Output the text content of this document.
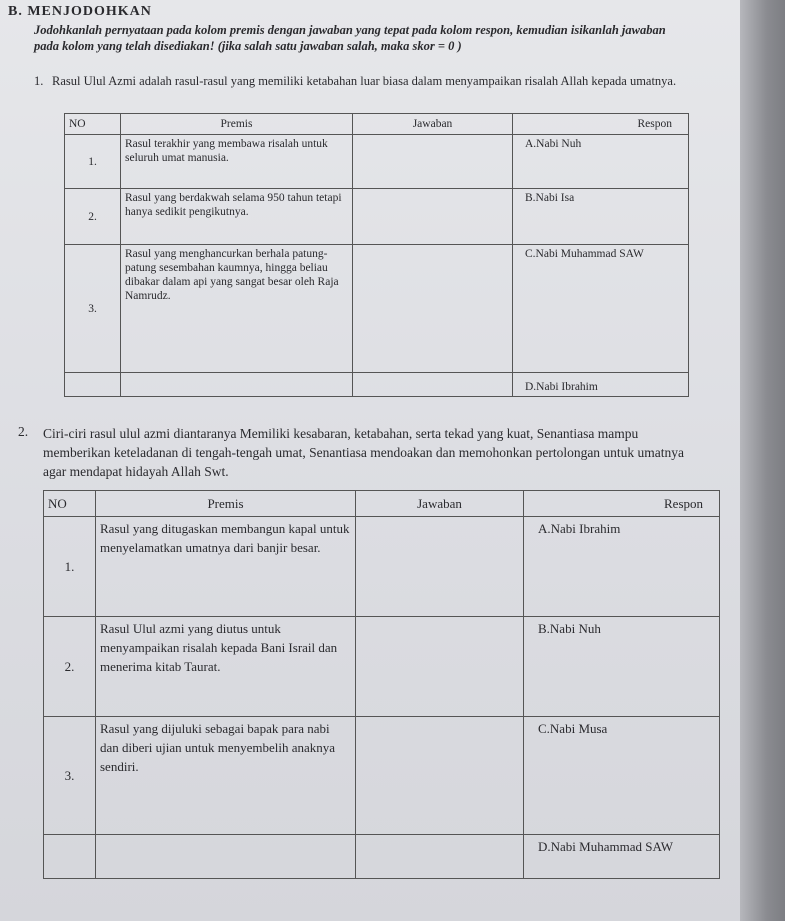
B. MENJODOHKAN
Jodohkanlah pernyataan pada kolom premis dengan jawaban yang tepat pada kolom respon, kemudian isikanlah jawaban pada kolom yang telah disediakan! (jika salah satu jawaban salah, maka skor = 0 )
1. Rasul Ulul Azmi adalah rasul-rasul yang memiliki ketabahan luar biasa dalam menyampaikan risalah Allah kepada umatnya.
NO	Premis	Jawaban	Respon
1.	Rasul terakhir yang membawa risalah untuk seluruh umat manusia.		A.Nabi Nuh
2.	Rasul yang berdakwah selama 950 tahun tetapi hanya sedikit pengikutnya.		B.Nabi Isa
3.	Rasul yang menghancurkan berhala patung-patung sesembahan kaumnya, hingga beliau dibakar dalam api yang sangat besar oleh Raja Namrudz.		C.Nabi Muhammad SAW
			D.Nabi Ibrahim
2. Ciri-ciri rasul ulul azmi diantaranya Memiliki kesabaran, ketabahan, serta tekad yang kuat, Senantiasa mampu memberikan keteladanan di tengah-tengah umat, Senantiasa mendoakan dan memohonkan pertolongan untuk umatnya agar mendapat hidayah Allah Swt.
NO	Premis	Jawaban	Respon
1.	Rasul yang ditugaskan membangun kapal untuk menyelamatkan umatnya dari banjir besar.		A.Nabi Ibrahim
2.	Rasul Ulul azmi yang diutus untuk menyampaikan risalah kepada Bani Israil dan menerima kitab Taurat.		B.Nabi Nuh
3.	Rasul yang dijuluki sebagai bapak para nabi dan diberi ujian untuk menyembelih anaknya sendiri.		C.Nabi Musa
			D.Nabi Muhammad SAW
